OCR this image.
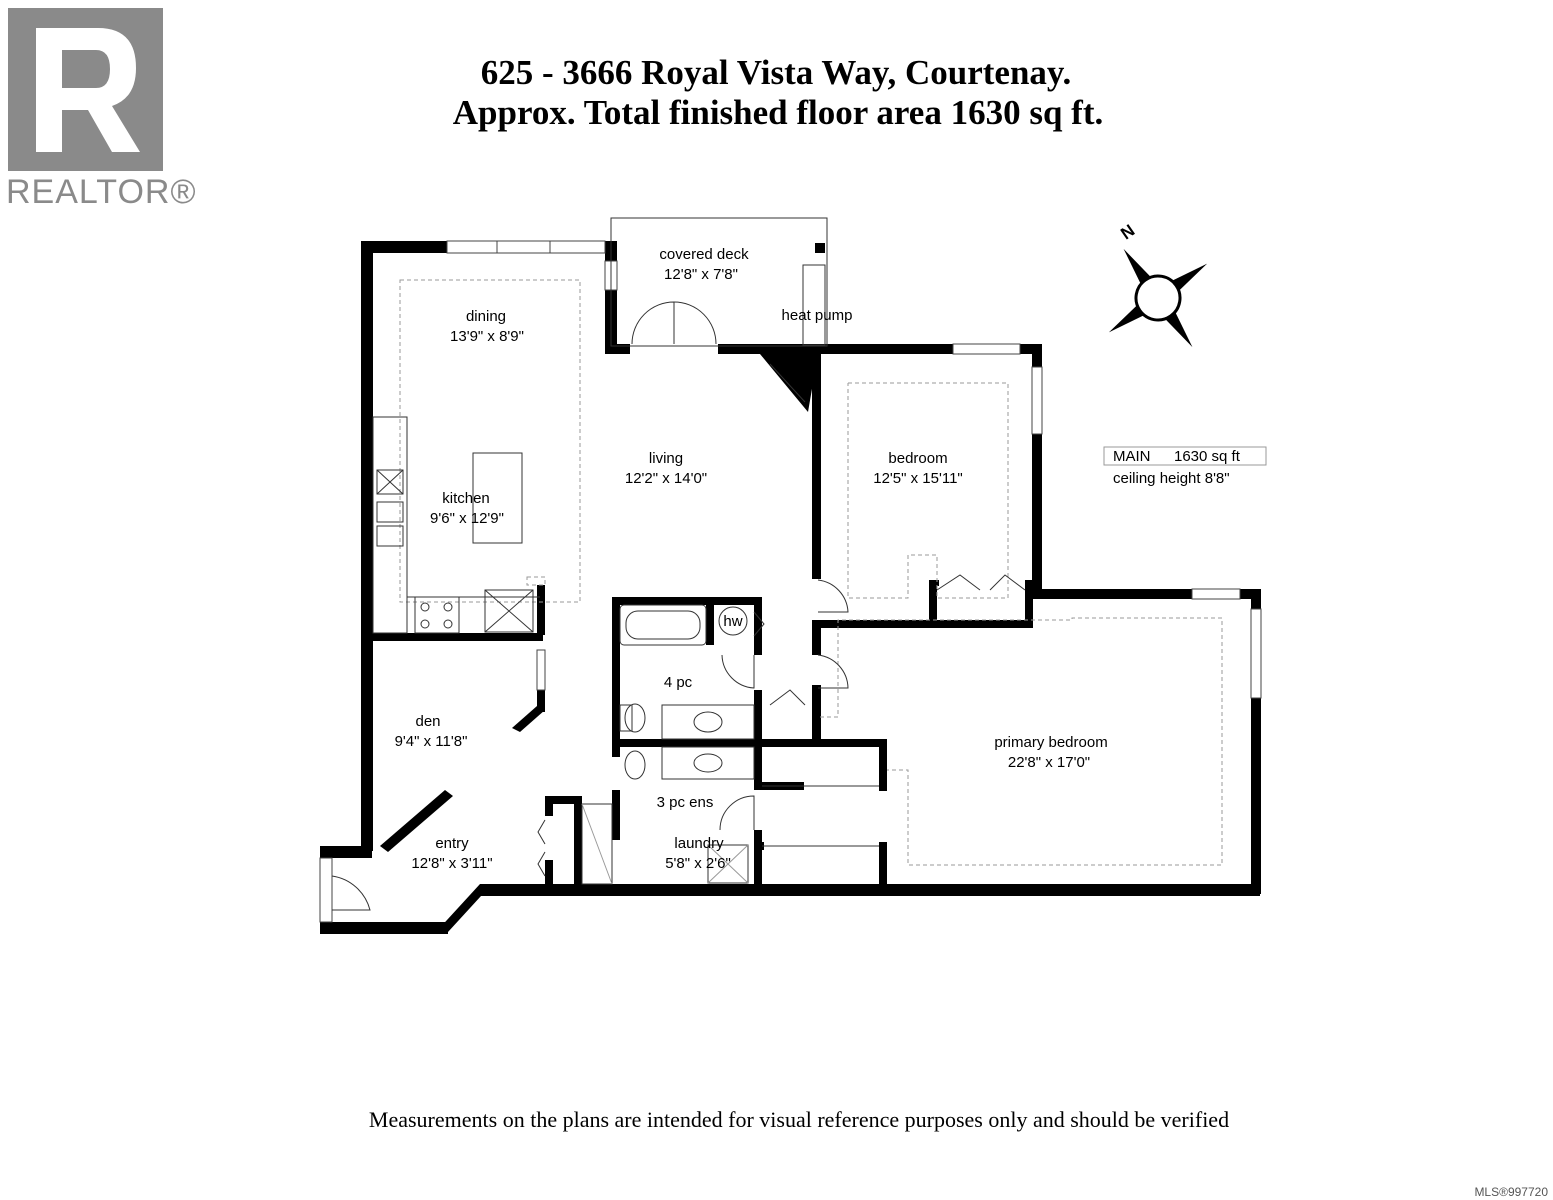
REALTOR®
625 - 3666 Royal Vista Way, Courtenay.
Approx. Total finished floor area 1630 sq ft.
N
covered deck
12'8" x 7'8"
heat pump
dining
13'9" x 8'9"
living
12'2" x 14'0"
bedroom
12'5" x 15'11"
kitchen
9'6" x 12'9"
hw
4 pc
den
9'4" x 11'8"	primary bedroom
22'8" x 17'0"
3 pc ens
entry
12'8" x 3'11"
laundry
5'8" x 2'6"
MAIN 1630 sq ft
ceiling height 8'8"
Measurements on the plans are intended for visual reference purposes only and should be verified
MLS®997720
